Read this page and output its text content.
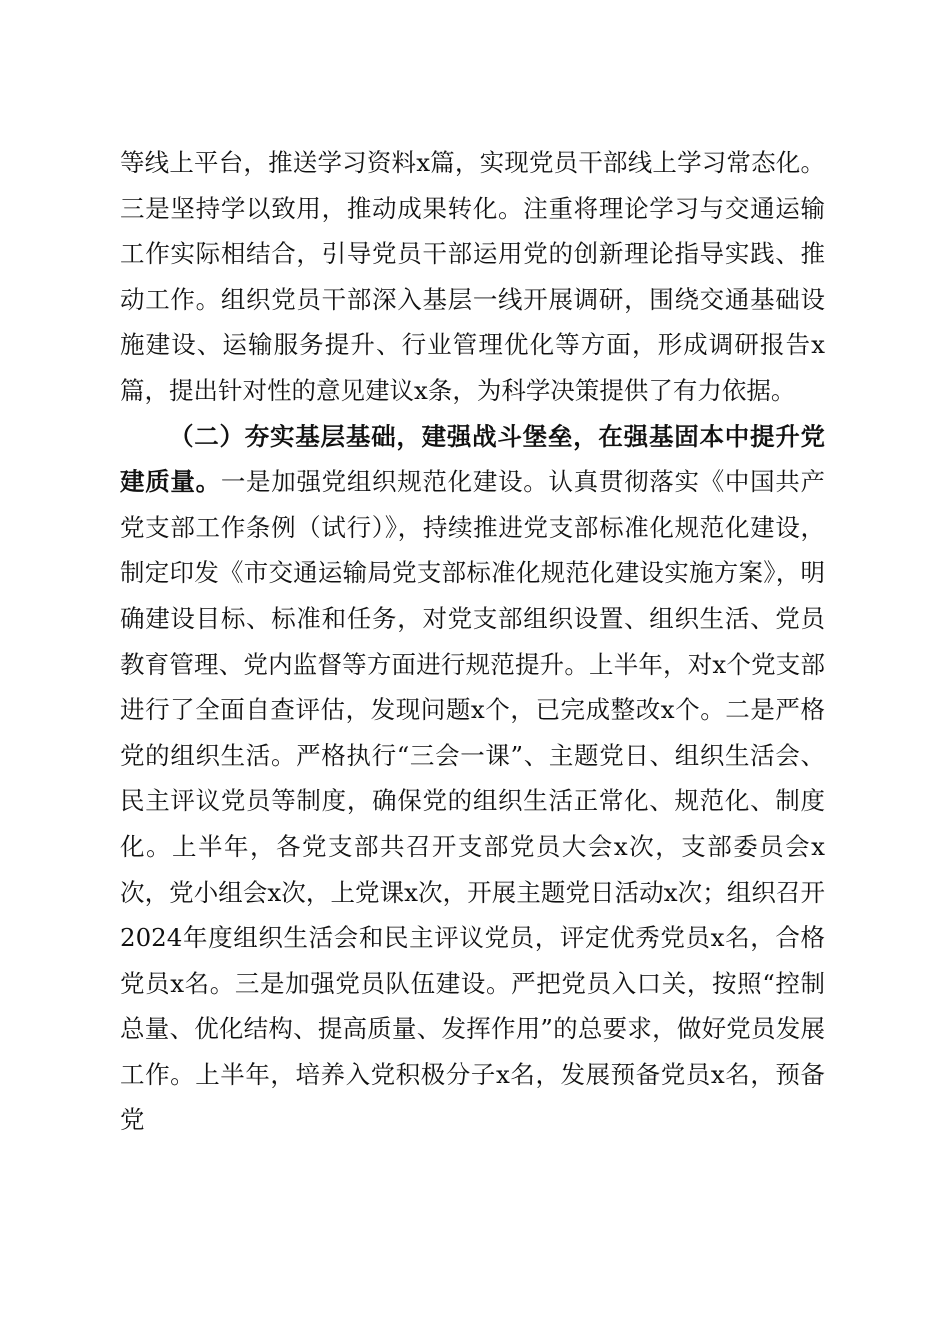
等线上平台，推送学习资料x篇，实现党员干部线上学习常态化。三是坚持学以致用，推动成果转化。注重将理论学习与交通运输工作实际相结合，引导党员干部运用党的创新理论指导实践、推动工作。组织党员干部深入基层一线开展调研，围绕交通基础设施建设、运输服务提升、行业管理优化等方面，形成调研报告x篇，提出针对性的意见建议x条，为科学决策提供了有力依据。

（二）夯实基层基础，建强战斗堡垒，在强基固本中提升党建质量。一是加强党组织规范化建设。认真贯彻落实《中国共产党支部工作条例（试行）》，持续推进党支部标准化规范化建设，制定印发《市交通运输局党支部标准化规范化建设实施方案》，明确建设目标、标准和任务，对党支部组织设置、组织生活、党员教育管理、党内监督等方面进行规范提升。上半年，对x个党支部进行了全面自查评估，发现问题x个，已完成整改x个。二是严格党的组织生活。严格执行“三会一课”、主题党日、组织生活会、民主评议党员等制度，确保党的组织生活正常化、规范化、制度化。上半年，各党支部共召开支部党员大会x次，支部委员会x次，党小组会x次，上党课x次，开展主题党日活动x次；组织召开2024年度组织生活会和民主评议党员，评定优秀党员x名，合格党员x名。三是加强党员队伍建设。严把党员入口关，按照“控制总量、优化结构、提高质量、发挥作用”的总要求，做好党员发展工作。上半年，培养入党积极分子x名，发展预备党员x名，预备党
